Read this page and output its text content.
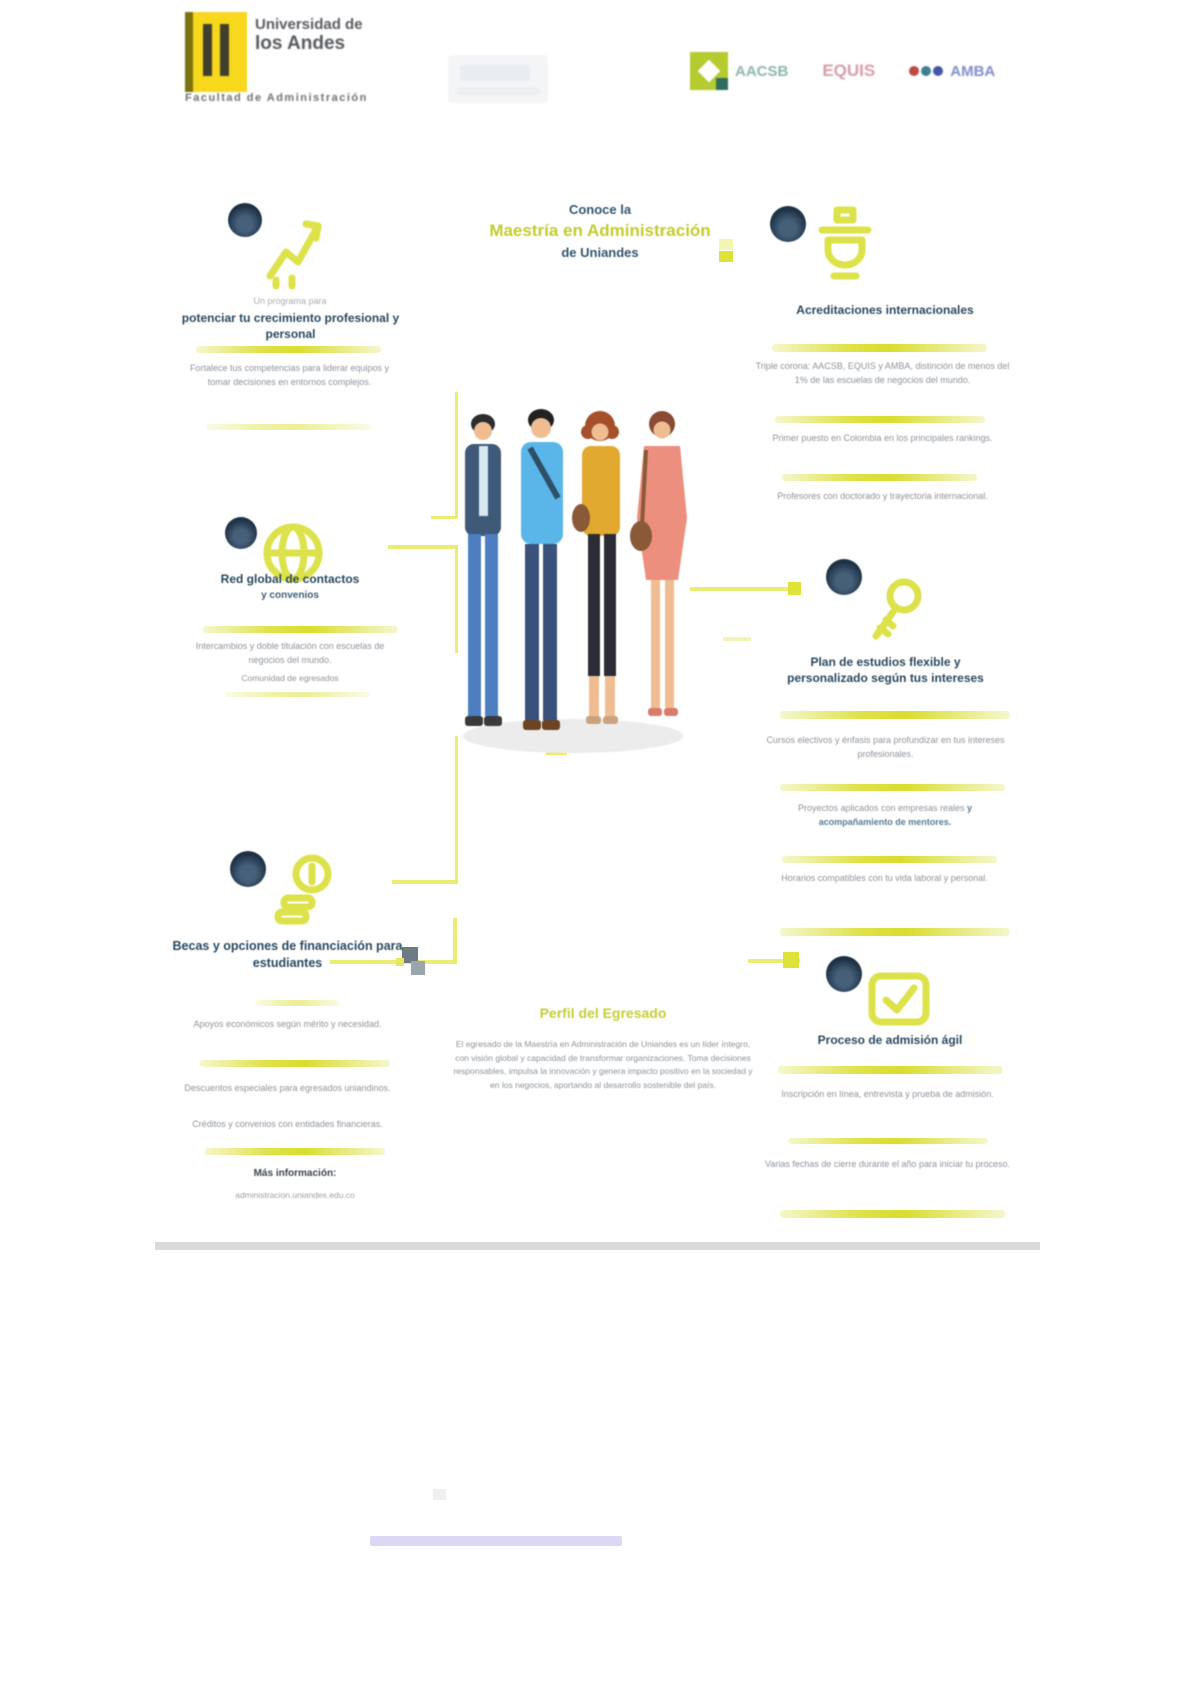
Universidad de
los Andes
Facultad de Administración
AACSB EQUIS	AMBA
Conoce la
Maestría en Administración
de Uniandes
Un programa para
potenciar tu crecimiento profesional y personal
Fortalece tus competencias para liderar equipos y tomar decisiones en entornos complejos.
Red global de contactos
y convenios
Intercambios y doble titulación con escuelas de negocios del mundo.
Comunidad de egresados
Becas y opciones de financiación para estudiantes
Apoyos económicos según mérito y necesidad.
Descuentos especiales para egresados uniandinos.
Créditos y convenios con entidades financieras.
Más información:
administracion.uniandes.edu.co
Acreditaciones internacionales
Triple corona: AACSB, EQUIS y AMBA, distinción de menos del 1% de las escuelas de negocios del mundo.
Primer puesto en Colombia en los principales rankings.
Profesores con doctorado y trayectoria internacional.
Plan de estudios flexible y personalizado según tus intereses
Cursos electivos y énfasis para profundizar en tus intereses profesionales.
Proyectos aplicados con empresas reales y acompañamiento de mentores.
Horarios compatibles con tu vida laboral y personal.
Proceso de admisión ágil
Inscripción en línea, entrevista y prueba de admisión.
Varias fechas de cierre durante el año para iniciar tu proceso.
Perfil del Egresado
El egresado de la Maestría en Administración de Uniandes es un líder íntegro, con visión global y capacidad de transformar organizaciones. Toma decisiones responsables, impulsa la innovación y genera impacto positivo en la sociedad y en los negocios, aportando al desarrollo sostenible del país.
